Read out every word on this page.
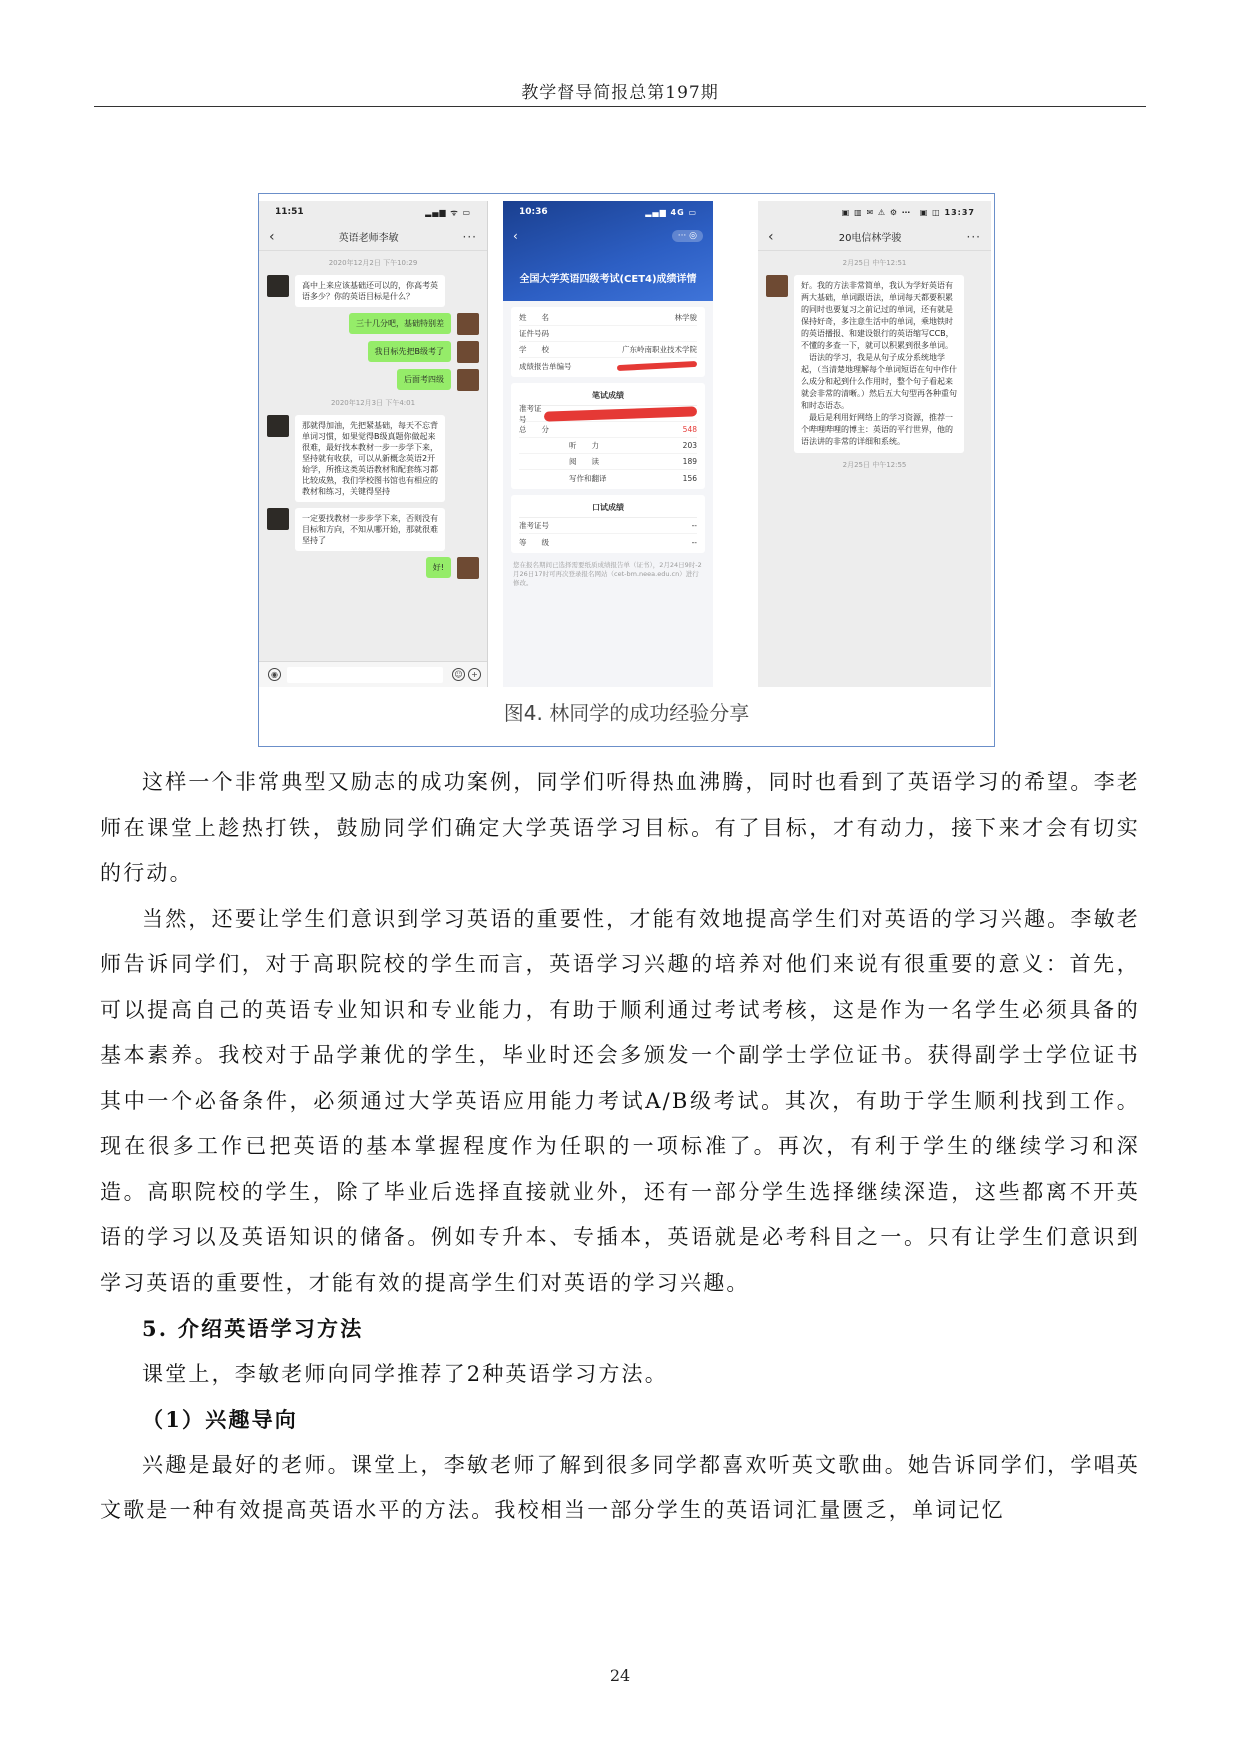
教学督导简报总第197期
11:51	▂▄▆ ᯤ ▭
‹	英语老师李敏	···
2020年12月2日 下午10:29
高中上来应该基础还可以的，你高考英语多少？你的英语目标是什么？
三十几分吧，基础特别差
我目标先把B级考了
后面考四级
2020年12月3日 下午4:01
那就得加油，先把紧基础，每天不忘背单词习惯，如果觉得B级真题你做起来很难，最好找本教材一步一步学下来，坚持就有收获，可以从新概念英语2开始学，所推这类英语教材和配套练习都比较成熟，我们学校图书馆也有相应的教材和练习，关键得坚持
一定要找教材一步步学下来，否则没有目标和方向，不知从哪开始，那就很难坚持了
好!
◉	☺	+
10:36	▂▄▆ 4G ▭
‹	··· ◎
全国大学英语四级考试(CET4)成绩详情
姓　　名	林学骏
证件号码
学　　校	广东岭南职业技术学院
成绩报告单编号
笔试成绩
准考证号
总　　分	548
听　　力	203
阅　　读	189
写作和翻译	156
口试成绩
准考证号	--
等　　级	--
您在报名期间已选择需要纸质成绩报告单（证书），2月24日9时-2月26日17时可再次登录报名网站（cet-bm.neea.edu.cn）进行修改。
▣ ▥ ✉ ⚠ ⚙ ⋯　▣ ◫ 13:37
‹	20电信林学骏	···
2月25日 中午12:51
好。我的方法非常简单，我认为学好英语有两大基础，单词跟语法，单词每天都要积累的同时也要复习之前记过的单词，还有就是保持好奇，多注意生活中的单词，乘地铁时的英语播报、和建设银行的英语缩写CCB，不懂的多查一下，就可以积累到很多单词。
　语法的学习，我是从句子成分系统地学起，（当清楚地理解每个单词短语在句中作什么成分和起到什么作用时，整个句子看起来就会非常的清晰。）然后五大句型再各种重句和时态语态。
　最后是利用好网络上的学习资源，推荐一个哔哩哔哩的博主：英语的平行世界，他的语法讲的非常的详细和系统。
2月25日 中午12:55
图4. 林同学的成功经验分享

这样一个非常典型又励志的成功案例，同学们听得热血沸腾，同时也看到了英语学习的希望。李老师在课堂上趁热打铁，鼓励同学们确定大学英语学习目标。有了目标，才有动力，接下来才会有切实的行动。

当然，还要让学生们意识到学习英语的重要性，才能有效地提高学生们对英语的学习兴趣。李敏老师告诉同学们，对于高职院校的学生而言，英语学习兴趣的培养对他们来说有很重要的意义：首先，可以提高自己的英语专业知识和专业能力，有助于顺利通过考试考核，这是作为一名学生必须具备的基本素养。我校对于品学兼优的学生，毕业时还会多颁发一个副学士学位证书。获得副学士学位证书其中一个必备条件，必须通过大学英语应用能力考试A/B级考试。其次，有助于学生顺利找到工作。现在很多工作已把英语的基本掌握程度作为任职的一项标准了。再次，有利于学生的继续学习和深造。高职院校的学生，除了毕业后选择直接就业外，还有一部分学生选择继续深造，这些都离不开英语的学习以及英语知识的储备。例如专升本、专插本，英语就是必考科目之一。只有让学生们意识到学习英语的重要性，才能有效的提高学生们对英语的学习兴趣。

5. 介绍英语学习方法

课堂上，李敏老师向同学推荐了2种英语学习方法。

（1）兴趣导向

兴趣是最好的老师。课堂上，李敏老师了解到很多同学都喜欢听英文歌曲。她告诉同学们，学唱英文歌是一种有效提高英语水平的方法。我校相当一部分学生的英语词汇量匮乏，单词记忆

24
